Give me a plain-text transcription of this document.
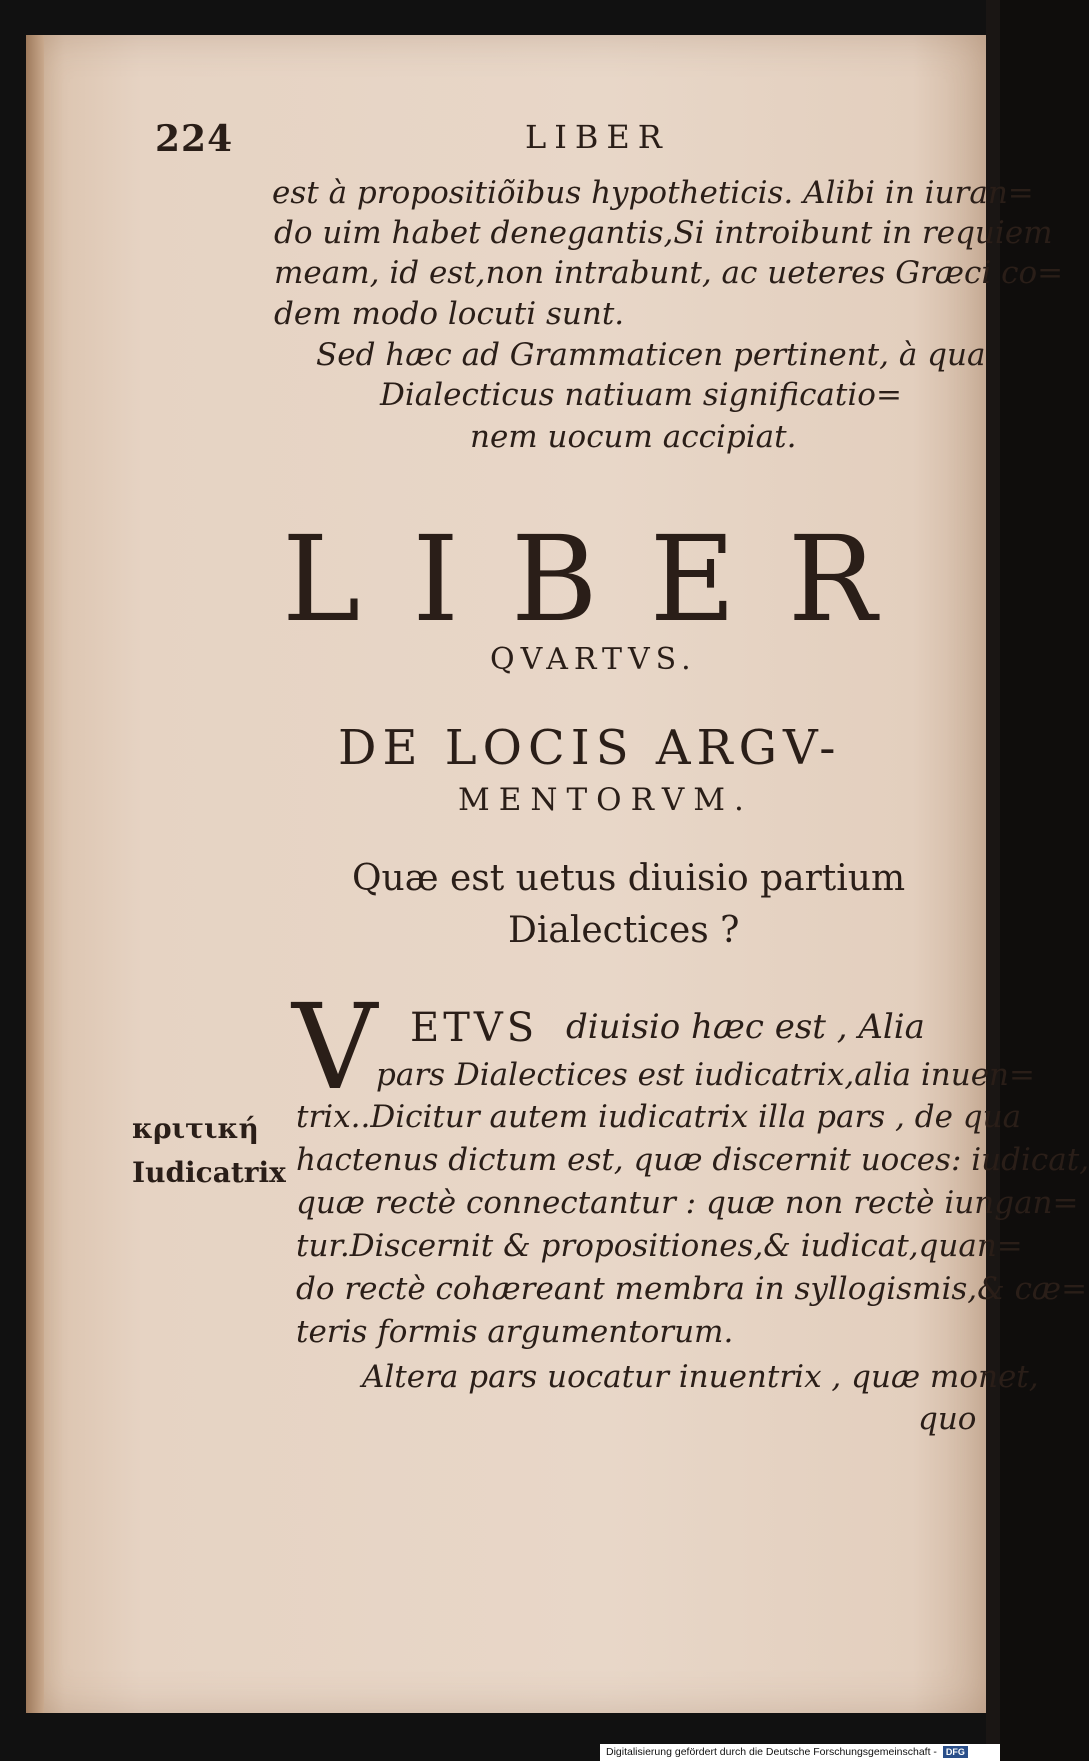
224	LIBER
est à propositiõibus hypotheticis. Alibi in iuran=
do uim habet denegantis,Si introibunt in requiem
meam, id est,non intrabunt, ac ueteres Græci co=
dem modo locuti sunt.
Sed hæc ad Grammaticen pertinent, à qua
Dialecticus natiuam significatio=
nem uocum accipiat.
LIBER
QVARTVS.
DE LOCIS ARGV-
MENTORVM.
Quæ est uetus diuisio partium
Dialectices ?
V ETVS diuisio hæc est , Alia
pars Dialectices est iudicatrix,alia inuen=
trix..Dicitur autem iudicatrix illa pars , de qua
hactenus dictum est, quæ discernit uoces: iudicat,
quæ rectè connectantur : quæ non rectè iungan=
tur.Discernit & propositiones,& iudicat,quan=
do rectè cohæreant membra in syllogismis,& cæ=
teris formis argumentorum.
Altera pars uocatur inuentrix , quæ monet,
quo
κριτική
Iudicatrix
Digitalisierung gefördert durch die Deutsche Forschungsgemeinschaft - DFG
